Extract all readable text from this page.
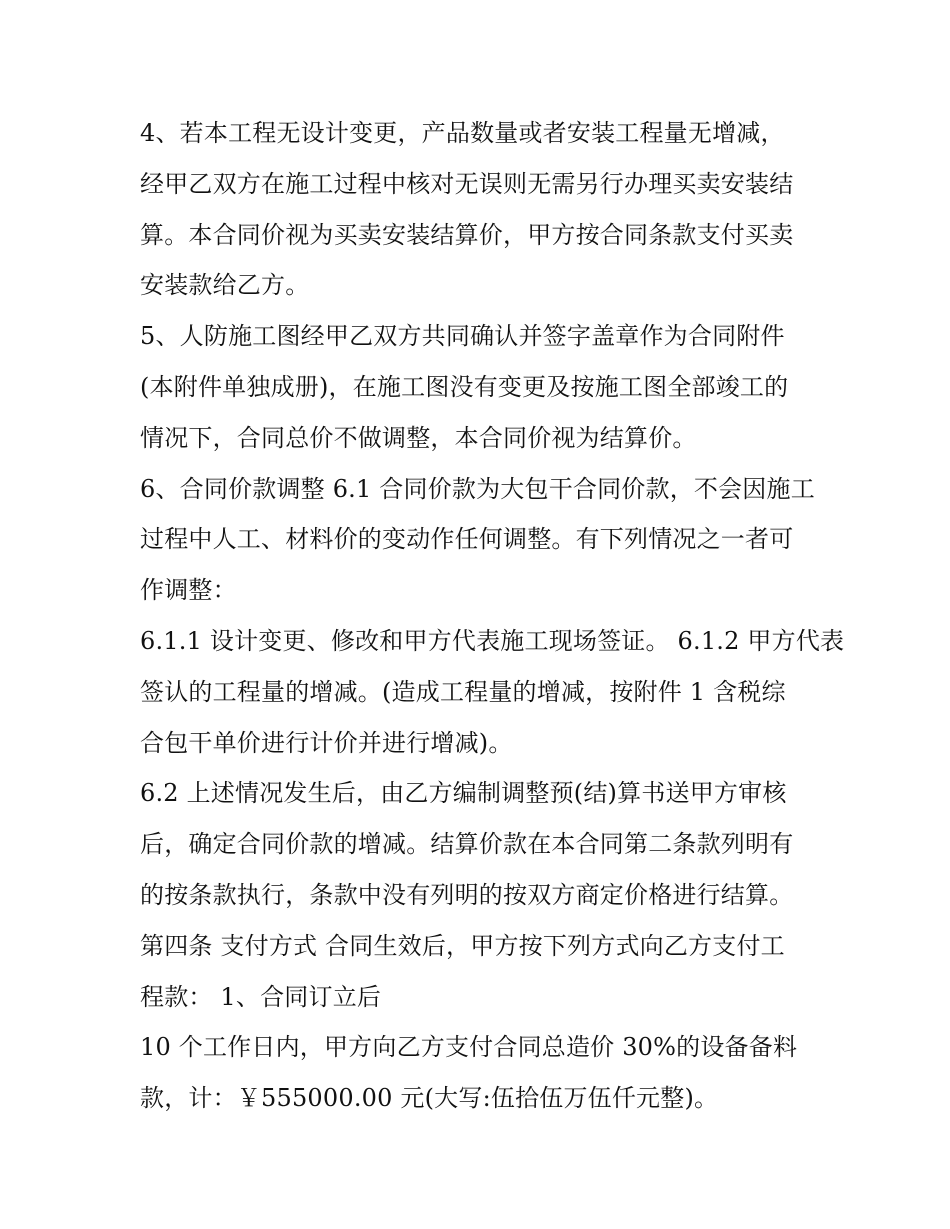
4、若本工程无设计变更，产品数量或者安装工程量无增减，
经甲乙双方在施工过程中核对无误则无需另行办理买卖安装结
算。本合同价视为买卖安装结算价，甲方按合同条款支付买卖
安装款给乙方。
5、人防施工图经甲乙双方共同确认并签字盖章作为合同附件
(本附件单独成册)，在施工图没有变更及按施工图全部竣工的
情况下，合同总价不做调整，本合同价视为结算价。
6、合同价款调整 6.1 合同价款为大包干合同价款，不会因施工
过程中人工、材料价的变动作任何调整。有下列情况之一者可
作调整：
6.1.1 设计变更、修改和甲方代表施工现场签证。 6.1.2 甲方代表
签认的工程量的增减。(造成工程量的增减，按附件 1 含税综
合包干单价进行计价并进行增减)。
6.2 上述情况发生后，由乙方编制调整预(结)算书送甲方审核
后，确定合同价款的增减。结算价款在本合同第二条款列明有
的按条款执行，条款中没有列明的按双方商定价格进行结算。
第四条 支付方式 合同生效后，甲方按下列方式向乙方支付工
程款： 1、合同订立后
10 个工作日内，甲方向乙方支付合同总造价 30%的设备备料
款，计：￥555000.00 元(大写:伍拾伍万伍仟元整)。
